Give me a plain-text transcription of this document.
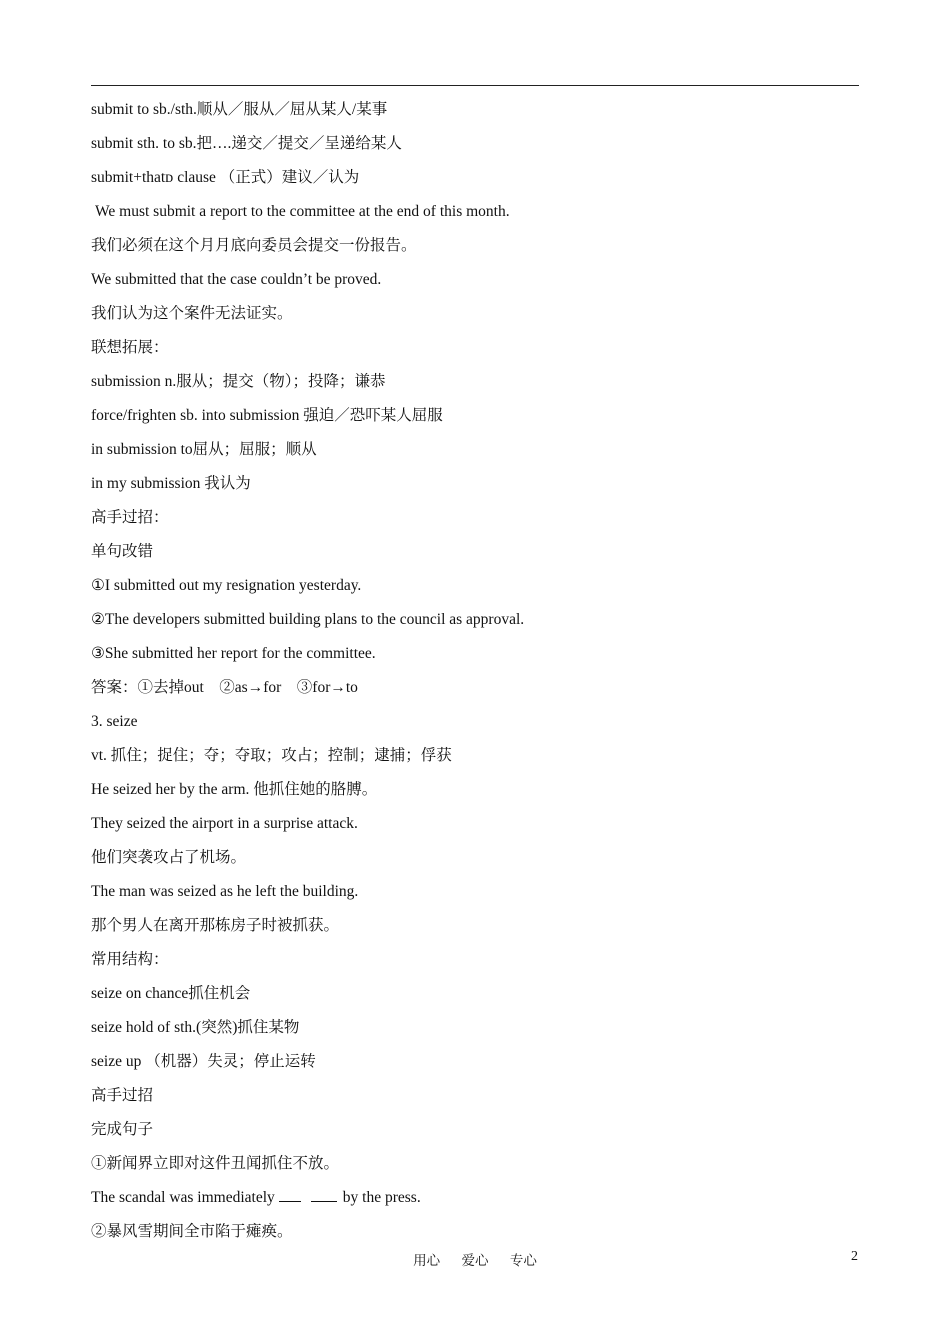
submit to sb./sth.顺从／服从／屈从某人/某事
submit sth. to sb.把….递交／提交／呈递给某人
submit+thatᴅ clause （正式）建议／认为
We must submit a report to the committee at the end of this month.
我们必须在这个月月底向委员会提交一份报告。
We submitted that the case couldn’t be proved.
我们认为这个案件无法证实。
联想拓展：
submission n.服从；提交（物）；投降；谦恭
force/frighten sb. into submission 强迫／恐吓某人屈服
in submission to屈从；屈服；顺从
in my submission 我认为
高手过招：
单句改错
①I submitted out my resignation yesterday.
②The developers submitted building plans to the council as approval.
③She submitted her report for the committee.
答案：①去掉out　②as→for　③for→to
3. seize
vt. 抓住；捉住；夺；夺取；攻占；控制；逮捕；俘获
He seized her by the arm. 他抓住她的胳膊。
They seized the airport in a surprise attack.
他们突袭攻占了机场。
The man was seized as he left the building.
那个男人在离开那栋房子时被抓获。
常用结构：
seize on chance抓住机会
seize hold of sth.(突然)抓住某物
seize up （机器）失灵；停止运转
高手过招
完成句子
①新闻界立即对这件丑闻抓住不放。
The scandal was immediately	by the press.
②暴风雪期间全市陷于瘫痪。
用心 爱心 专心	2
